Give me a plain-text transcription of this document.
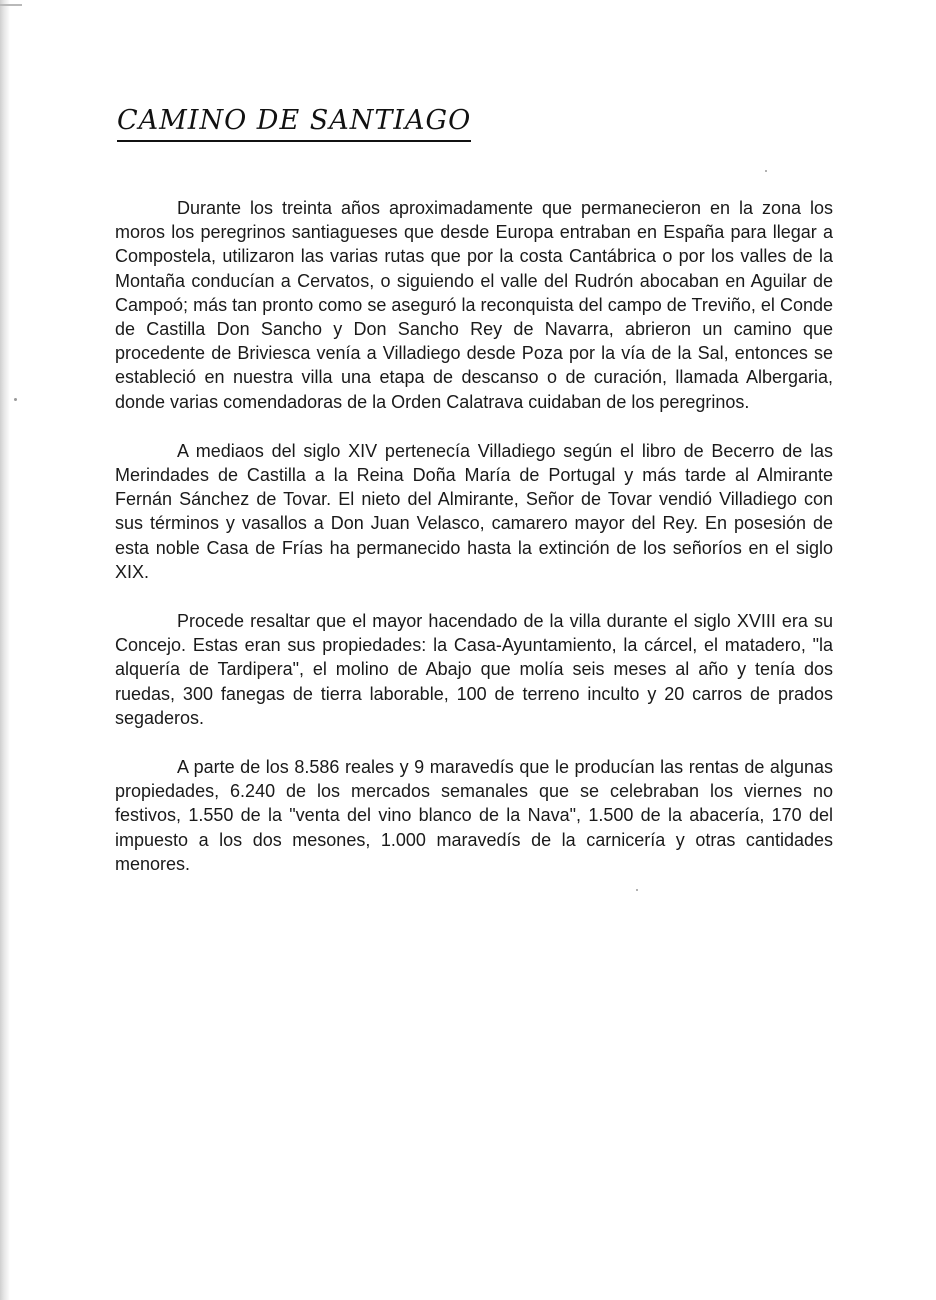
CAMINO DE SANTIAGO

Durante los treinta años aproximadamente que permanecieron en la zona los moros los peregrinos santiagueses que desde Europa entraban en España para llegar a Compostela, utilizaron las varias rutas que por la costa Cantábrica o por los valles de la Montaña conducían a Cervatos, o siguiendo el valle del Rudrón abocaban en Aguilar de Campoó; más tan pronto como se aseguró la reconquista del campo de Treviño, el Conde de Castilla Don Sancho y Don Sancho Rey de Navarra, abrieron un camino que procedente de Briviesca venía a Villadiego desde Poza por la vía de la Sal, entonces se estableció en nuestra villa una etapa de descanso o de curación, llamada Albergaria, donde varias comendadoras de la Orden Calatrava cuidaban de los peregrinos.

A mediaos del siglo XIV pertenecía Villadiego según el libro de Becerro de las Merindades de Castilla a la Reina Doña María de Portugal y más tarde al Almirante Fernán Sánchez de Tovar. El nieto del Almirante, Señor de Tovar vendió Villadiego con sus términos y vasallos a Don Juan Velasco, camarero mayor del Rey. En posesión de esta noble Casa de Frías ha permanecido hasta la extinción de los señoríos en el siglo XIX.

Procede resaltar que el mayor hacendado de la villa durante el siglo XVIII era su Concejo. Estas eran sus propiedades: la Casa-Ayuntamiento, la cárcel, el matadero, "la alquería de Tardipera", el molino de Abajo que molía seis meses al año y tenía dos ruedas, 300 fanegas de tierra laborable, 100 de terreno inculto y 20 carros de prados segaderos.

A parte de los 8.586 reales y 9 maravedís que le producían las rentas de algunas propiedades, 6.240 de los mercados semanales que se celebraban los viernes no festivos, 1.550 de la "venta del vino blanco de la Nava", 1.500 de la abacería, 170 del impuesto a los dos mesones, 1.000 maravedís de la carnicería y otras cantidades menores.
